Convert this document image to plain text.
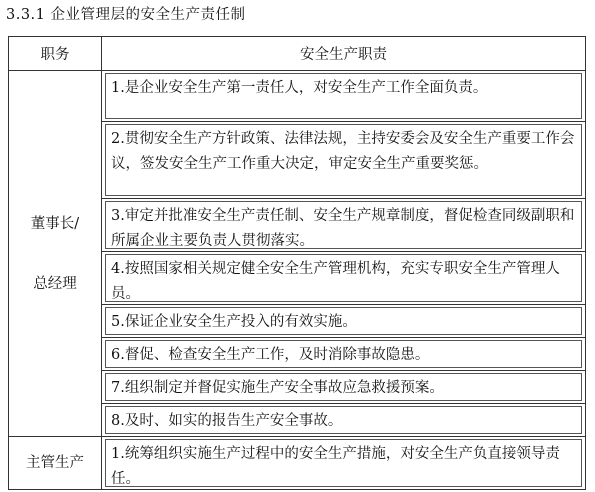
3.3.1 企业管理层的安全生产责任制
职务	安全生产职责

董事长/
总经理	1.是企业安全生产第一责任人，对安全生产工作全面负责。

	2.贯彻安全生产方针政策、法律法规，主持安委会及安全生产重要工作会议，签发安全生产工作重大决定，审定安全生产重要奖惩。

	3.审定并批准安全生产责任制、安全生产规章制度，督促检查同级副职和所属企业主要负责人贯彻落实。

	4.按照国家相关规定健全安全生产管理机构，充实专职安全生产管理人员。

	5.保证企业安全生产投入的有效实施。

	6.督促、检查安全生产工作，及时消除事故隐患。

	7.组织制定并督促实施生产安全事故应急救援预案。

	8.及时、如实的报告生产安全事故。

主管生产	1.统筹组织实施生产过程中的安全生产措施，对安全生产负直接领导责任。
